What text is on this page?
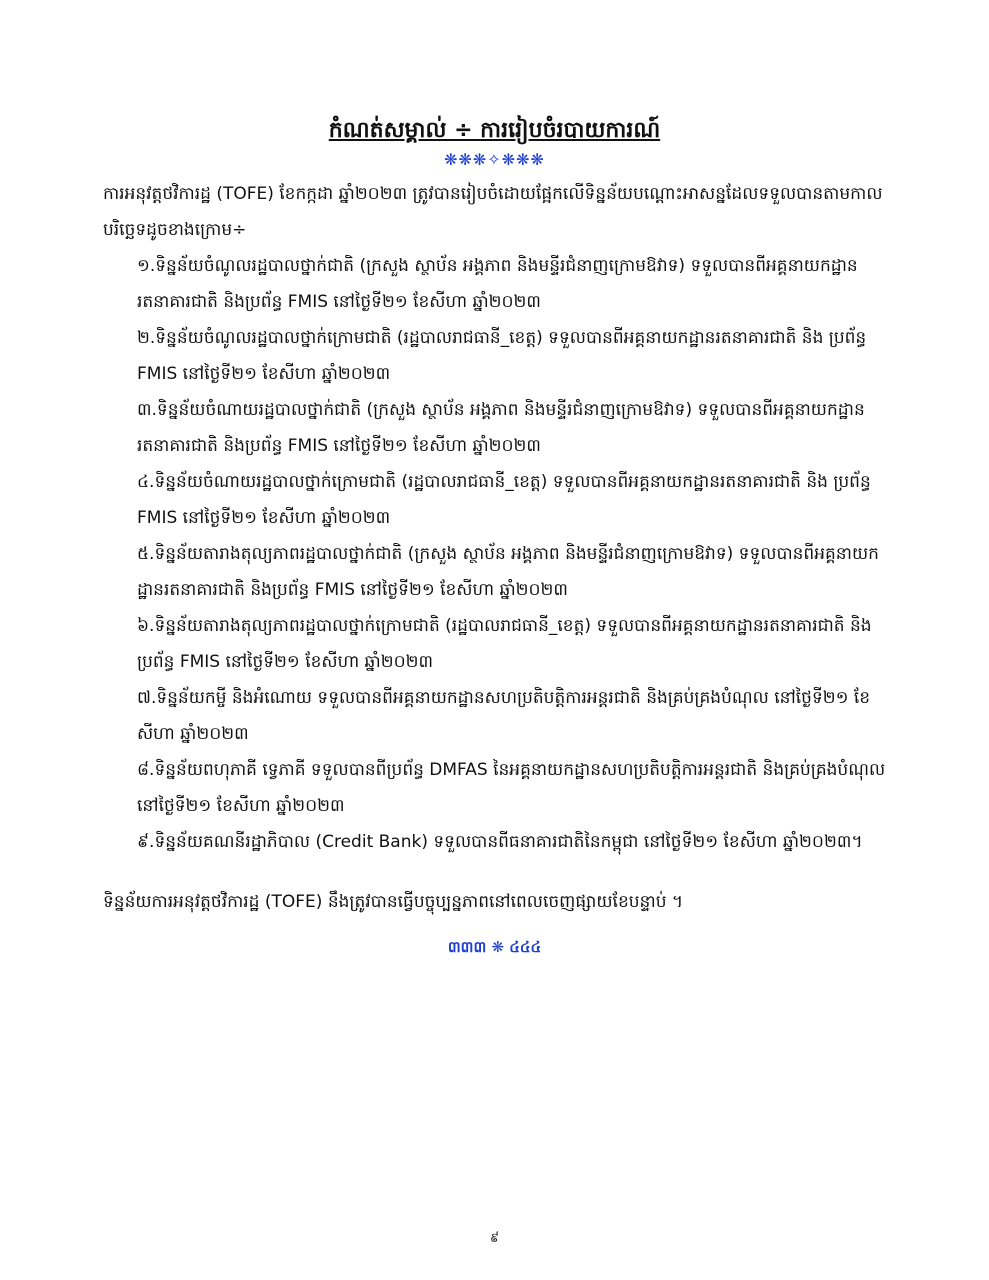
កំណត់សម្គាល់ ÷ ការរៀបចំរបាយការណ៍
❋❋❋✧❋❋❋
ការអនុវត្តថវិការដ្ឋ (TOFE) ខែកក្កដា ឆ្នាំ២០២៣ ត្រូវបានរៀបចំដោយផ្អែកលើទិន្នន័យបណ្តោះអាសន្នដែលទទួលបានតាមកាលបរិច្ឆេទដូចខាងក្រោម÷
១.ទិន្នន័យចំណូលរដ្ឋបាលថ្នាក់ជាតិ (ក្រសួង ស្ថាប័ន អង្គភាព និងមន្ទីរជំនាញក្រោមឱវាទ) ទទួលបានពីអគ្គនាយកដ្ឋានរតនាគារជាតិ និងប្រព័ន្ធ FMIS នៅថ្ងៃទី២១ ខែសីហា ឆ្នាំ២០២៣
២.ទិន្នន័យចំណូលរដ្ឋបាលថ្នាក់ក្រោមជាតិ (រដ្ឋបាលរាជធានី_ខេត្ត) ទទួលបានពីអគ្គនាយកដ្ឋានរតនាគារជាតិ និង ប្រព័ន្ធ FMIS នៅថ្ងៃទី២១ ខែសីហា ឆ្នាំ២០២៣
៣.ទិន្នន័យចំណាយរដ្ឋបាលថ្នាក់ជាតិ (ក្រសួង ស្ថាប័ន អង្គភាព និងមន្ទីរជំនាញក្រោមឱវាទ) ទទួលបានពីអគ្គនាយកដ្ឋានរតនាគារជាតិ និងប្រព័ន្ធ FMIS នៅថ្ងៃទី២១ ខែសីហា ឆ្នាំ២០២៣
៤.ទិន្នន័យចំណាយរដ្ឋបាលថ្នាក់ក្រោមជាតិ (រដ្ឋបាលរាជធានី_ខេត្ត) ទទួលបានពីអគ្គនាយកដ្ឋានរតនាគារជាតិ និង ប្រព័ន្ធ FMIS នៅថ្ងៃទី២១ ខែសីហា ឆ្នាំ២០២៣
៥.ទិន្នន័យតារាងតុល្យភាពរដ្ឋបាលថ្នាក់ជាតិ (ក្រសួង ស្ថាប័ន អង្គភាព និងមន្ទីរជំនាញក្រោមឱវាទ) ទទួលបានពីអគ្គនាយកដ្ឋានរតនាគារជាតិ និងប្រព័ន្ធ FMIS នៅថ្ងៃទី២១ ខែសីហា ឆ្នាំ២០២៣
៦.ទិន្នន័យតារាងតុល្យភាពរដ្ឋបាលថ្នាក់ក្រោមជាតិ (រដ្ឋបាលរាជធានី_ខេត្ត) ទទួលបានពីអគ្គនាយកដ្ឋានរតនាគារជាតិ និង ប្រព័ន្ធ FMIS នៅថ្ងៃទី២១ ខែសីហា ឆ្នាំ២០២៣
៧.ទិន្នន័យកម្ចី និងអំណោយ ទទួលបានពីអគ្គនាយកដ្ឋានសហប្រតិបត្តិការអន្តរជាតិ និងគ្រប់គ្រងបំណុល នៅថ្ងៃទី២១ ខែសីហា ឆ្នាំ២០២៣
៨.ទិន្នន័យពហុភាគី ទ្វេភាគី ទទួលបានពីប្រព័ន្ធ DMFAS នៃអគ្គនាយកដ្ឋានសហប្រតិបត្តិការអន្តរជាតិ និងគ្រប់គ្រងបំណុល នៅថ្ងៃទី២១ ខែសីហា ឆ្នាំ២០២៣
៩.ទិន្នន័យគណនីរដ្ឋាភិបាល (Credit Bank) ទទួលបានពីធនាគារជាតិនៃកម្ពុជា នៅថ្ងៃទី២១ ខែសីហា ឆ្នាំ២០២៣។
ទិន្នន័យការអនុវត្តថវិការដ្ឋ (TOFE) នឹងត្រូវបានធ្វើបច្ចុប្បន្នភាពនៅពេលចេញផ្សាយខែបន្ទាប់ ។
៣៣៣ ❋ ៤៤៤
៩
